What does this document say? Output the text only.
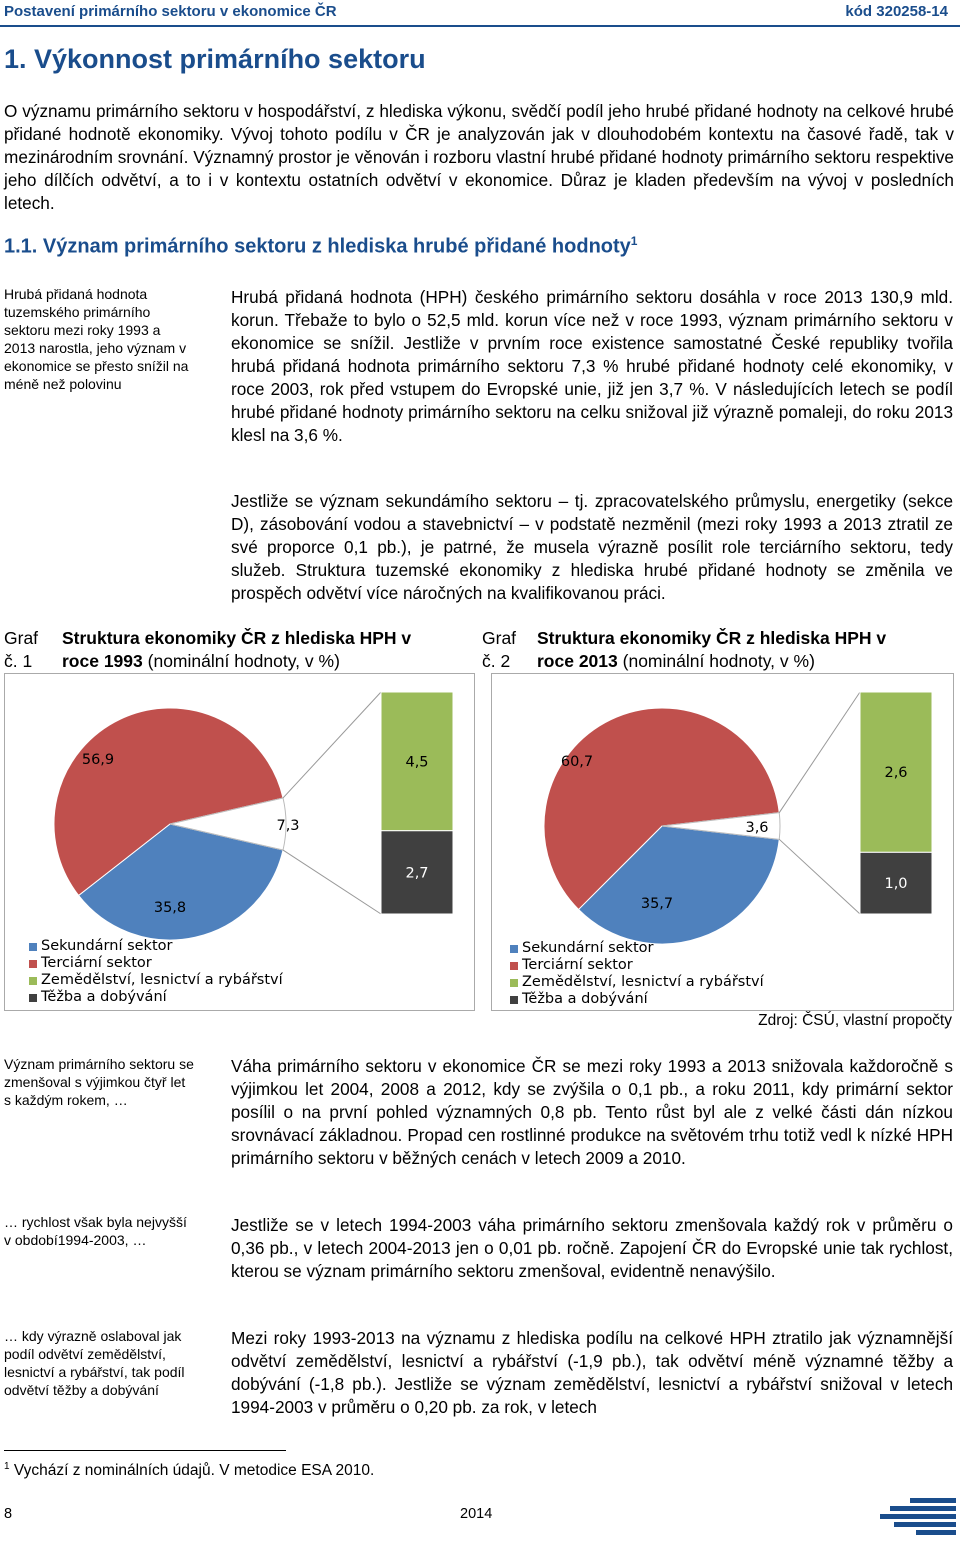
Postavení primárního sektoru v ekonomice ČR	kód 320258-14
1. Výkonnost primárního sektoru
O významu primárního sektoru v hospodářství, z hlediska výkonu, svědčí podíl jeho hrubé přidané hodnoty na celkové hrubé přidané hodnotě ekonomiky. Vývoj tohoto podílu v ČR je analyzován jak v dlouhodobém kontextu na časové řadě, tak v mezinárodním srovnání. Významný prostor je věnován i rozboru vlastní hrubé přidané hodnoty primárního sektoru respektive jeho dílčích odvětví, a to i v kontextu ostatních odvětví v ekonomice. Důraz je kladen především na vývoj v posledních letech.
1.1. Význam primárního sektoru z hlediska hrubé přidané hodnoty$^1$
Hrubá přidaná hodnota tuzemského primárního sektoru mezi roky 1993 a 2013 narostla, jeho význam v ekonomice se přesto snížil na méně než polovinu
Hrubá přidaná hodnota (HPH) českého primárního sektoru dosáhla v roce 2013 130,9 mld. korun. Třebaže to bylo o 52,5 mld. korun více než v roce 1993, význam primárního sektoru v ekonomice se snížil. Jestliže v prvním roce existence samostatné České republiky tvořila hrubá přidaná hodnota primárního sektoru 7,3 % hrubé přidané hodnoty celé ekonomiky, v roce 2003, rok před vstupem do Evropské unie, již jen 3,7 %. V následujících letech se podíl hrubé přidané hodnoty primárního sektoru na celku snižoval již výrazně pomaleji, do roku 2013 klesl na 3,6 %.
Jestliže se význam sekundámího sektoru – tj. zpracovatelského průmyslu, energetiky (sekce D), zásobování vodou a stavebnictví – v podstatě nezměnil (mezi roky 1993 a 2013 ztratil ze své proporce 0,1 pb.), je patrné, že musela výrazně posílit role terciárního sektoru, tedy služeb. Struktura tuzemské ekonomiky z hlediska hrubé přidané hodnoty se změnila ve prospěch odvětví více náročných na kvalifikovanou práci.
Graf
č. 1
Struktura ekonomiky ČR z hlediska HPH v roce 1993 (nominální hodnoty, v %)
Graf
č. 2
Struktura ekonomiky ČR z hlediska HPH v roce 2013 (nominální hodnoty, v %)
56,9
35,8
7,3
4,5
2,7
Sekundární sektor
Terciární sektor
Zemědělství, lesnictví a rybářství
Těžba a dobývání
60,7
35,7
3,6
2,6
1,0
Sekundární sektor
Terciární sektor
Zemědělství, lesnictví a rybářství
Těžba a dobývání
Zdroj: ČSÚ, vlastní propočty
Význam primárního sektoru se zmenšoval s výjimkou čtyř let s každým rokem, …
Váha primárního sektoru v ekonomice ČR se mezi roky 1993 a 2013 snižovala každoročně s výjimkou let 2004, 2008 a 2012, kdy se zvýšila o 0,1 pb., a roku 2011, kdy primární sektor posílil o na první pohled významných 0,8 pb. Tento růst byl ale z velké části dán nízkou srovnávací základnou. Propad cen rostlinné produkce na světovém trhu totiž vedl k nízké HPH primárního sektoru v běžných cenách v letech 2009 a 2010.
… rychlost však byla nejvyšší v období1994-2003, …
Jestliže se v letech 1994-2003 váha primárního sektoru zmenšovala každý rok v průměru o 0,36 pb., v letech 2004-2013 jen o 0,01 pb. ročně. Zapojení ČR do Evropské unie tak rychlost, kterou se význam primárního sektoru zmenšoval, evidentně nenavýšilo.
… kdy výrazně oslaboval jak podíl odvětví zemědělství, lesnictví a rybářství, tak podíl odvětví těžby a dobývání
Mezi roky 1993-2013 na významu z hlediska podílu na celkové HPH ztratilo jak významnější odvětví zemědělství, lesnictví a rybářství (-1,9 pb.), tak odvětví méně významné těžby a dobývání (-1,8 pb.). Jestliže se význam zemědělství, lesnictví a rybářství snižoval v letech 1994-2003 v průměru o 0,20 pb. za rok, v letech
$^1$ Vychází z nominálních údajů. V metodice ESA 2010.
8	2014
